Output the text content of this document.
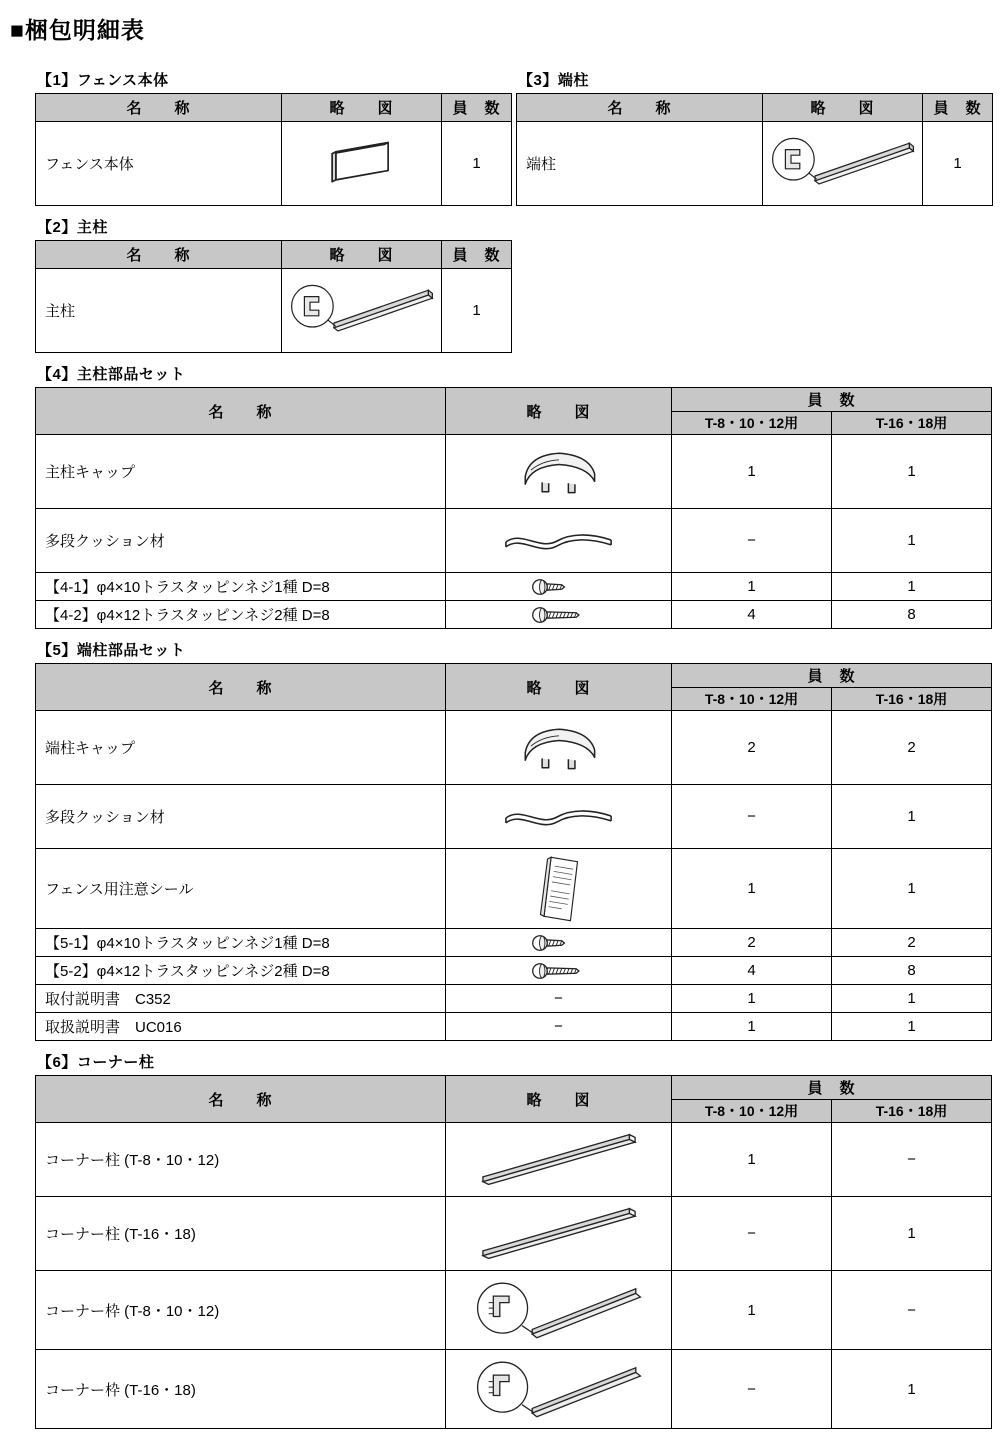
■梱包明細表
【1】フェンス本体
名　　称	略　　図	員　数
フェンス本体		1
【3】端柱
名　　称	略　　図	員　数
端柱		1
【2】主柱
名　　称	略　　図	員　数
主柱		1
【4】主柱部品セット
名　　称	略　　図	員　数	
		T-8・10・12用	T-16・18用
主柱キャップ		1	1
多段クッション材		−	1
【4-1】φ4×10トラスタッピンネジ1種 D=8		1	1
【4-2】φ4×12トラスタッピンネジ2種 D=8		4	8
【5】端柱部品セット
名　　称	略　　図	員　数	
		T-8・10・12用	T-16・18用
端柱キャップ		2	2
多段クッション材		−	1
フェンス用注意シール		1	1
【5-1】φ4×10トラスタッピンネジ1種 D=8		2	2
【5-2】φ4×12トラスタッピンネジ2種 D=8		4	8
取付説明書　C352	−	1	1
取扱説明書　UC016	−	1	1
【6】コーナー柱
名　　称	略　　図	員　数	
		T-8・10・12用	T-16・18用
コーナー柱 (T-8・10・12)		1	−
コーナー柱 (T-16・18)		−	1
コーナー枠 (T-8・10・12)		1	−
コーナー枠 (T-16・18)		−	1
